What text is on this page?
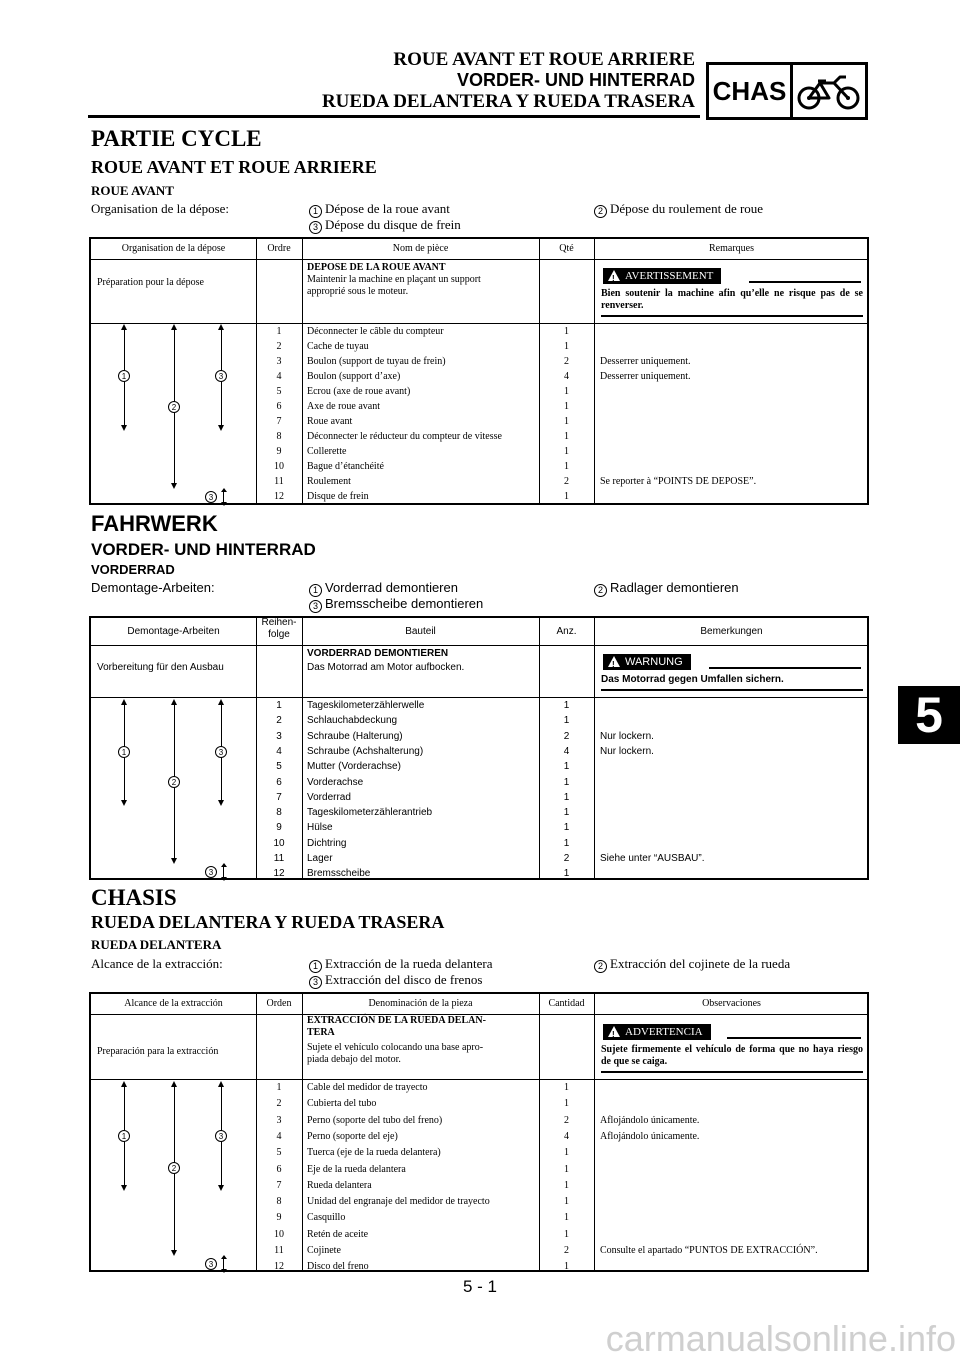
ROUE AVANT ET ROUE ARRIERE
VORDER- UND HINTERRAD
RUEDA DELANTERA Y RUEDA TRASERA CHAS
PARTIE CYCLE
ROUE AVANT ET ROUE ARRIERE
ROUE AVANT
Organisation de la dépose:	1 Dépose de la roue avant	2 Dépose du roulement de roue
3 Dépose du disque de frein
Organisation de la dépose	Ordre	Nom de pièce	Qté	Remarques
Préparation pour la dépose
DEPOSE DE LA ROUE AVANT
Maintenir la machine en plaçant un support
approprié sous le moteur.
!
AVERTISSEMENT
Bien soutenir la machine afin qu’elle ne risque pas de se renverser.
1	Déconnecter le câble du compteur	1
2	Cache de tuyau	1
3	Boulon (support de tuyau de frein)	2	Desserrer uniquement.
4	Boulon (support d’axe)	4	Desserrer uniquement.
5	Ecrou (axe de roue avant)	1
6	Axe de roue avant	1
7	Roue avant	1
8	Déconnecter le réducteur du compteur de vitesse	1
9	Collerette	1
10	Bague d’étanchéité	1
11	Roulement	2	Se reporter à “POINTS DE DEPOSE”.
12	Disque de frein	1
1	3
2
3
FAHRWERK
VORDER- UND HINTERRAD
VORDERRAD
Demontage-Arbeiten:	1 Vorderrad demontieren	2 Radlager demontieren
3 Bremsscheibe demontieren
Demontage-Arbeiten
Reihen-
folge	Bauteil	Anz.	Bemerkungen
Vorbereitung für den Ausbau
VORDERRAD DEMONTIEREN
Das Motorrad am Motor aufbocken. !	WARNUNG
Das Motorrad gegen Umfallen sichern.
1	Tageskilometerzählerwelle	1
2	Schlauchabdeckung	1
3	Schraube (Halterung)	2	Nur lockern.
4	Schraube (Achshalterung)	4	Nur lockern.
5	Mutter (Vorderachse)	1
6	Vorderachse	1
7	Vorderrad	1
8	Tageskilometerzählerantrieb	1
9	Hülse	1
10	Dichtring	1
11	Lager	2	Siehe unter “AUSBAU”.
12	Bremsscheibe	1
1	3
2
3
CHASIS
RUEDA DELANTERA Y RUEDA TRASERA
RUEDA DELANTERA
Alcance de la extracción:	1 Extracción de la rueda delantera	2 Extracción del cojinete de la rueda
3 Extracción del disco de frenos
Alcance de la extracción	Orden	Denominación de la pieza	Cantidad	Observaciones
Preparación para la extracción
EXTRACCIÓN DE LA RUEDA DELAN-
TERA
Sujete el vehículo colocando una base apro-
piada debajo del motor.
!
ADVERTENCIA
Sujete firmemente el vehículo de forma que no haya riesgo de que se caiga.
1	Cable del medidor de trayecto	1
2	Cubierta del tubo	1
3	Perno (soporte del tubo del freno)	2	Aflojándolo únicamente.
4	Perno (soporte del eje)	4	Aflojándolo únicamente.
5	Tuerca (eje de la rueda delantera)	1
6	Eje de la rueda delantera	1
7	Rueda delantera	1
8	Unidad del engranaje del medidor de trayecto	1
9	Casquillo	1
10	Retén de aceite	1
11	Cojinete	2	Consulte el apartado “PUNTOS DE EXTRACCIÓN”.
12	Disco del freno	1
1	3
2
3
5
5 - 1
carmanualsonline.info
